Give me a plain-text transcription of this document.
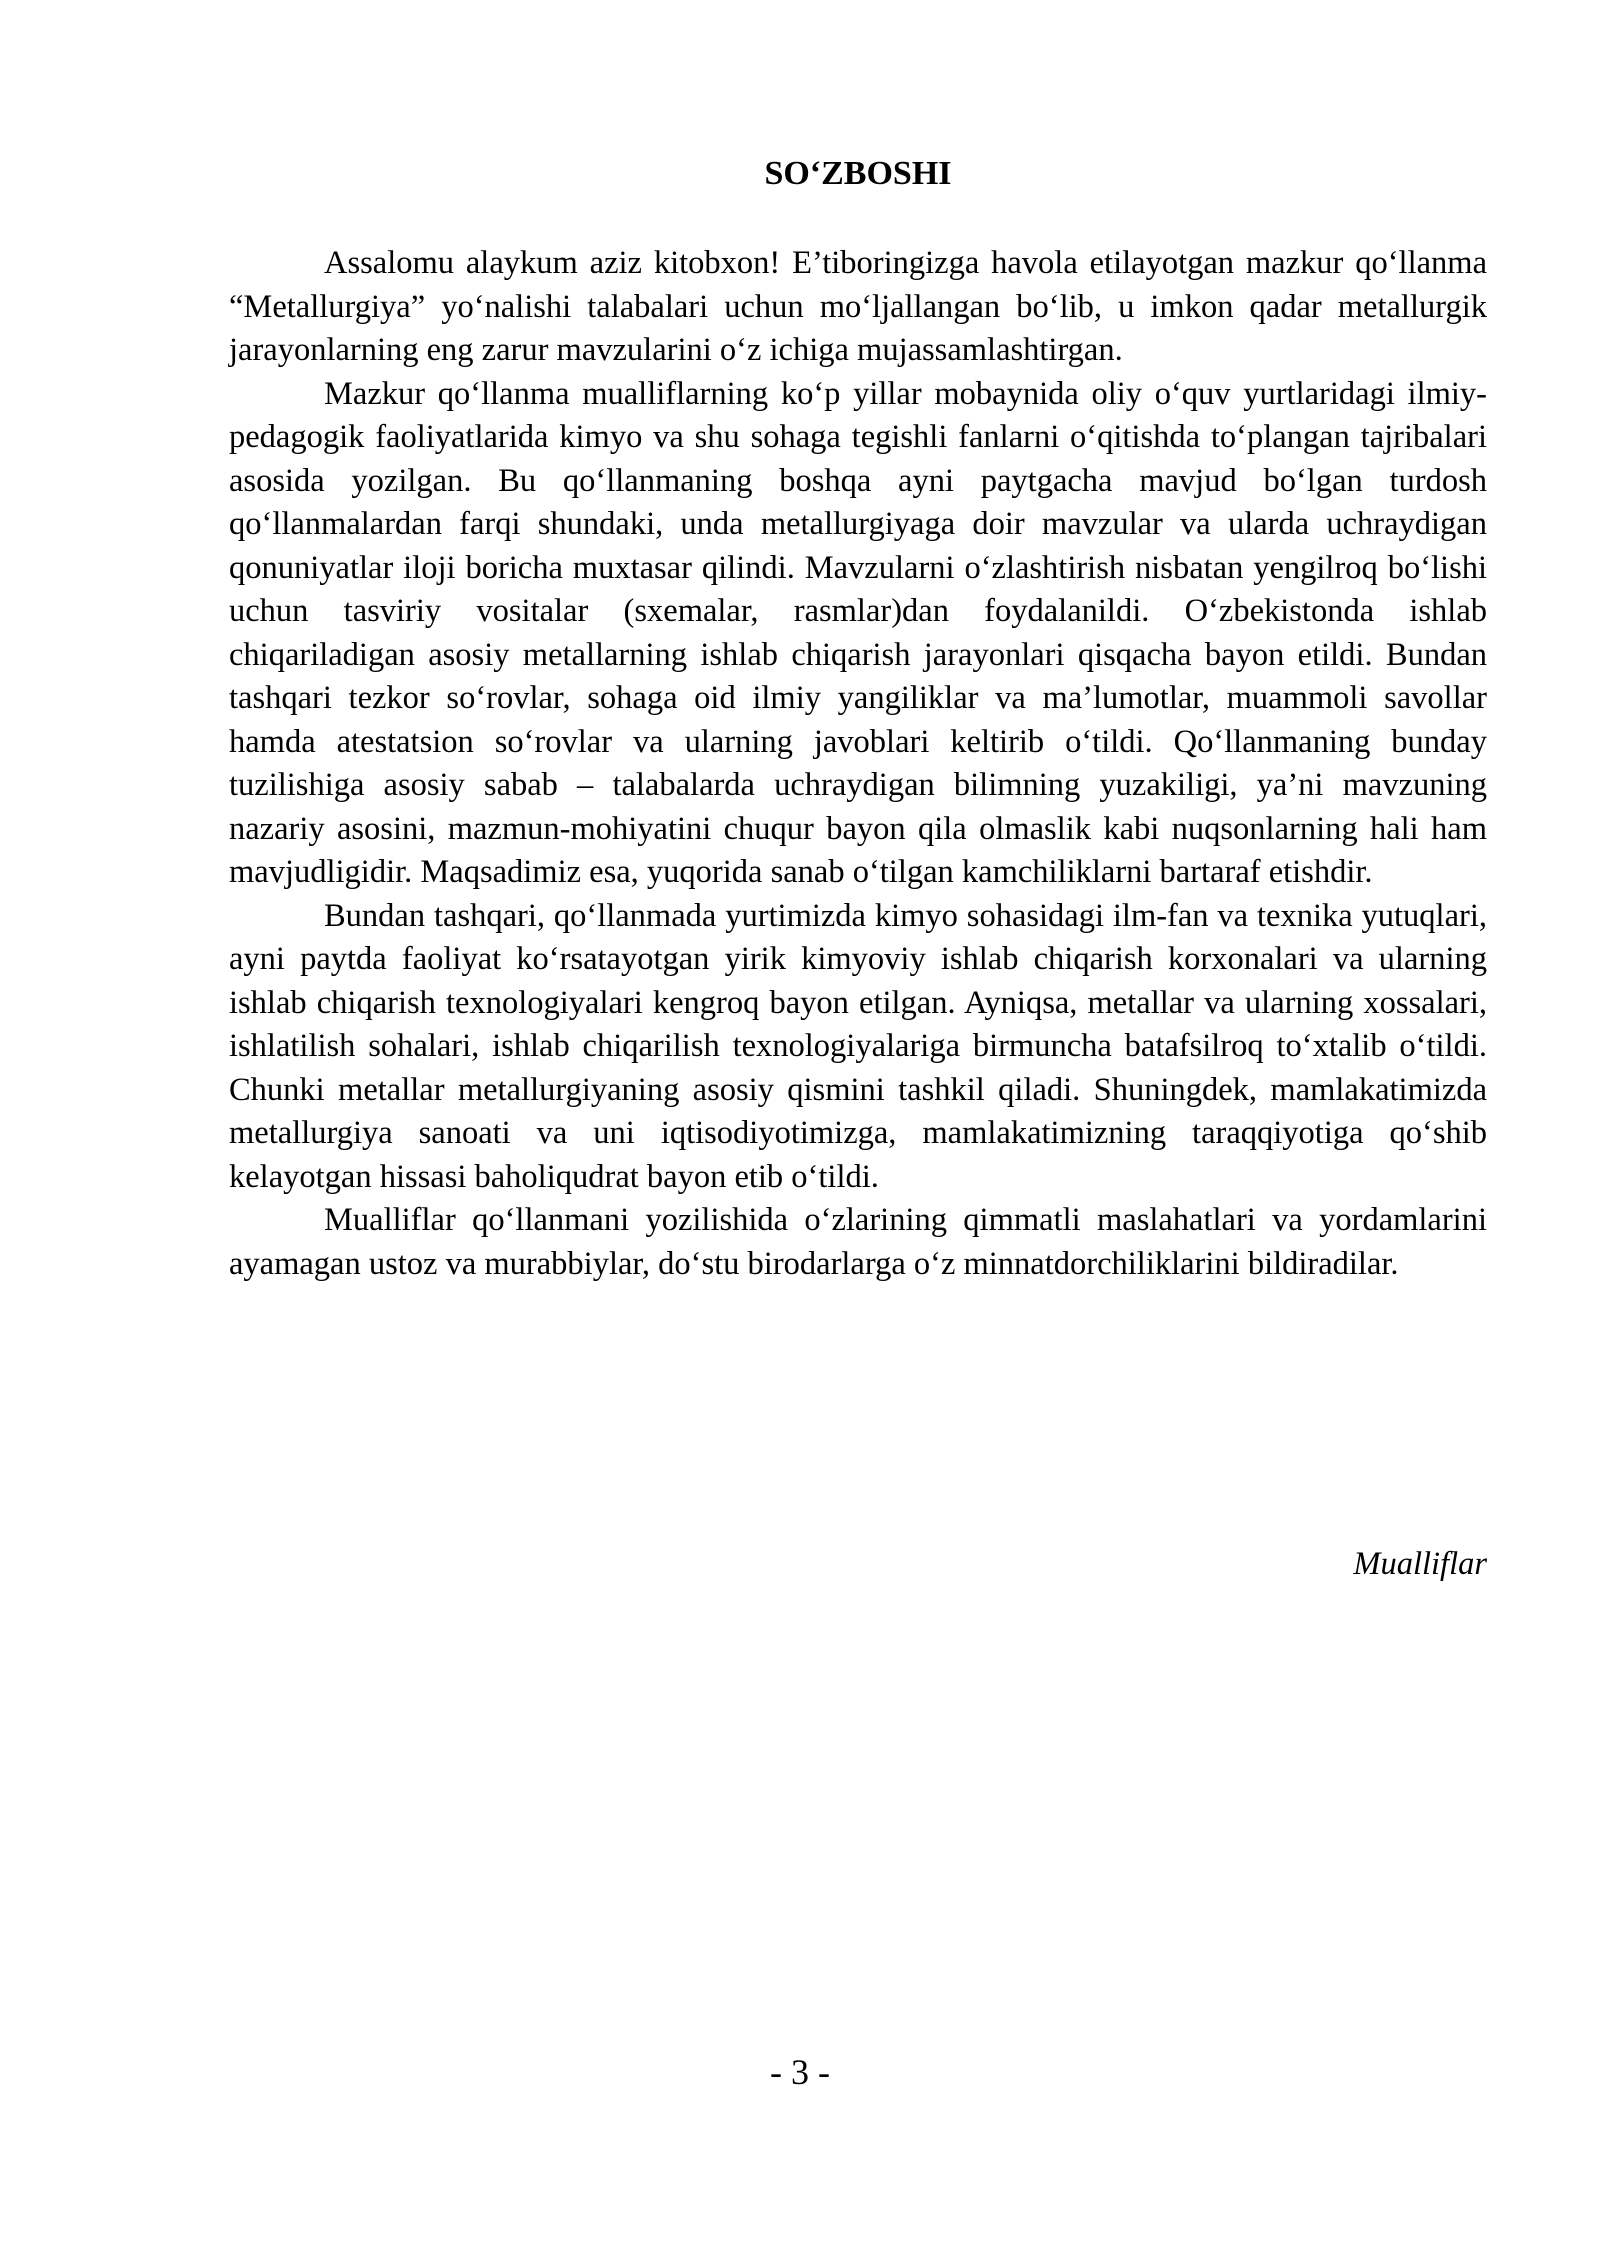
SO‘ZBOSHI

Assalomu alaykum aziz kitobxon! E’tiboringizga havola etilayotgan mazkur qo‘llanma “Metallurgiya” yo‘nalishi talabalari uchun mo‘ljallangan bo‘lib, u imkon qadar metallurgik jarayonlarning eng zarur mavzularini o‘z ichiga mujassamlashtirgan.

Mazkur qo‘llanma mualliflarning ko‘p yillar mobaynida oliy o‘quv yurtlaridagi ilmiy-pedagogik faoliyatlarida kimyo va shu sohaga tegishli fanlarni o‘qitishda to‘plangan tajribalari asosida yozilgan. Bu qo‘llanmaning boshqa ayni paytgacha mavjud bo‘lgan turdosh qo‘llanmalardan farqi shundaki, unda metallurgiyaga doir mavzular va ularda uchraydigan qonuniyatlar iloji boricha muxtasar qilindi. Mavzularni o‘zlashtirish nisbatan yengilroq bo‘lishi uchun tasviriy vositalar (sxemalar, rasmlar)dan foydalanildi. O‘zbekistonda ishlab chiqariladigan asosiy metallarning ishlab chiqarish jarayonlari qisqacha bayon etildi. Bundan tashqari tezkor so‘rovlar, sohaga oid ilmiy yangiliklar va ma’lumotlar, muammoli savollar hamda atestatsion so‘rovlar va ularning javoblari keltirib o‘tildi. Qo‘llanmaning bunday tuzilishiga asosiy sabab – talabalarda uchraydigan bilimning yuzakiligi, ya’ni mavzuning nazariy asosini, mazmun-mohiyatini chuqur bayon qila olmaslik kabi nuqsonlarning hali ham mavjudligidir. Maqsadimiz esa, yuqorida sanab o‘tilgan kamchiliklarni bartaraf etishdir.

Bundan tashqari, qo‘llanmada yurtimizda kimyo sohasidagi ilm-fan va texnika yutuqlari, ayni paytda faoliyat ko‘rsatayotgan yirik kimyoviy ishlab chiqarish korxonalari va ularning ishlab chiqarish texnologiyalari kengroq bayon etilgan. Ayniqsa, metallar va ularning xossalari, ishlatilish sohalari, ishlab chiqarilish texnologiyalariga birmuncha batafsilroq to‘xtalib o‘tildi. Chunki metallar metallurgiyaning asosiy qismini tashkil qiladi. Shuningdek, mamlakatimizda metallurgiya sanoati va uni iqtisodiyotimizga, mamlakatimizning taraqqiyotiga qo‘shib kelayotgan hissasi baholiqudrat bayon etib o‘tildi.

Mualliflar qo‘llanmani yozilishida o‘zlarining qimmatli maslahatlari va yordamlarini ayamagan ustoz va murabbiylar, do‘stu birodarlarga o‘z minnatdorchiliklarini bildiradilar.

Mualliflar

- 3 -
